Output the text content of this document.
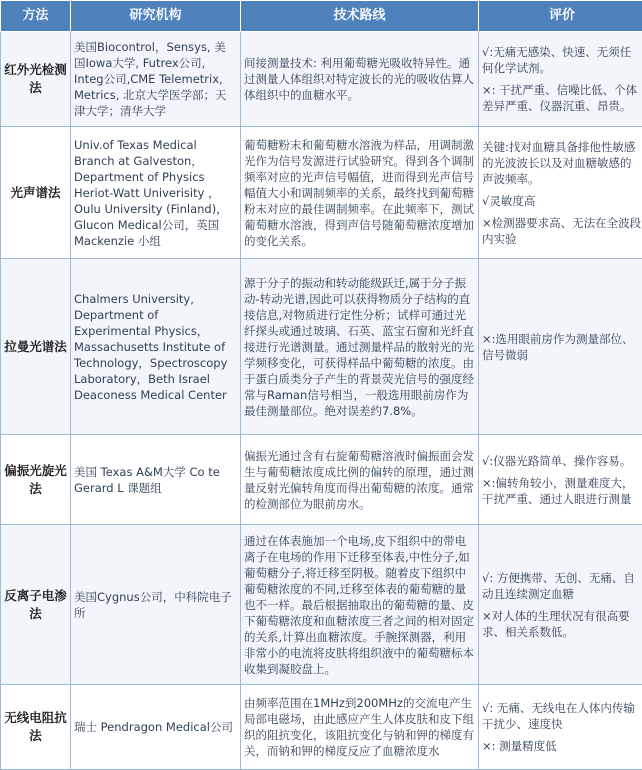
方法	研究机构	技术路线	评价
红外光检测法	美国Biocontrol，Sensys, 美国Iowa大学, Futrex公司, Integ公司,CME Telemetrix, Metrics, 北京大学医学部；天津大学；清华大学	间接测量技术: 利用葡萄糖光吸收特异性。通过测量人体组织对特定波长的光的吸收估算人体组织中的血糖水平。	√:无痛无感染、快速、无须任何化学试剂。

×: 干扰严重、信噪比低、个体差异严重、仪器沉重、昂贵。

光声谱法	Univ.of Texas Medical Branch at Galveston，Department of Physics Heriot-Watt Univerisity ，Oulu University (Finland)，Glucon Medical公司，英国Mackenzie 小组	葡萄糖粉末和葡萄糖水溶液为样品，用调制激光作为信号发源进行试验研究。得到各个调制频率对应的光声信号幅值，进而得到光声信号幅值大小和调制频率的关系，最终找到葡萄糖粉末对应的最佳调制频率。在此频率下，测试葡萄糖水溶液，得到声信号随葡萄糖浓度增加的变化关系。	关键:找对血糖具备排他性敏感的光波波长以及对血糖敏感的声波频率。

√灵敏度高

×检测器要求高、无法在全波段内实验

拉曼光谱法	Chalmers University, Department of Experimental Physics，Massachusetts Institute of Technology，Spectroscopy Laboratory，Beth Israel Deaconess Medical Center	源于分子的振动和转动能级跃迁,属于分子振动-转动光谱,因此可以获得物质分子结构的直接信息,对物质进行定性分析；试样可通过光纤探头或通过玻璃、石英、蓝宝石窗和光纤直接进行光谱测量。通过测量样品的散射光的光学频移变化，可获得样品中葡萄糖的浓度。由于蛋白质类分子产生的背景荧光信号的强度经常与Raman信号相当，一般选用眼前房作为最佳测量部位。绝对误差约7.8%。	×:选用眼前房作为测量部位、信号微弱

偏振光旋光法	美国 Texas A&M大学 Co te Gerard L 课题组	偏振光通过含有右旋葡萄糖溶液时偏振面会发生与葡萄糖浓度成比例的偏转的原理，通过测量反射光偏转角度而得出葡萄糖的浓度。通常的检测部位为眼前房水。	√:仪器光路简单、操作容易。

×:偏转角较小，测量难度大，干扰严重、通过人眼进行测量

反离子电渗法	美国Cygnus公司，中科院电子所	通过在体表施加一个电场,皮下组织中的带电离子在电场的作用下迁移至体表,中性分子,如葡萄糖分子,将迁移至阴极。随着皮下组织中葡萄糖浓度的不同,迁移至体表的葡萄糖的量也不一样。最后根据抽取出的葡萄糖的量、皮下葡萄糖浓度和血糖浓度三者之间的相对固定的关系,计算出血糖浓度。手腕探测器，利用非常小的电流将皮肤将组织液中的葡萄糖标本收集到凝胶盘上。	√: 方便携带、无创、无痛、自动且连续测定血糖

×对人体的生理状况有很高要求、相关系数低。

无线电阻抗法	瑞士 Pendragon Medical公司	由频率范围在1MHz到200MHz的交流电产生局部电磁场，由此感应产生人体皮肤和皮下组织的阻抗变化，该阻抗变化与钠和钾的梯度有关，而钠和钾的梯度反应了血糖浓度水	√: 无痛、无线电在人体内传输干扰少、速度快

×: 测量精度低
